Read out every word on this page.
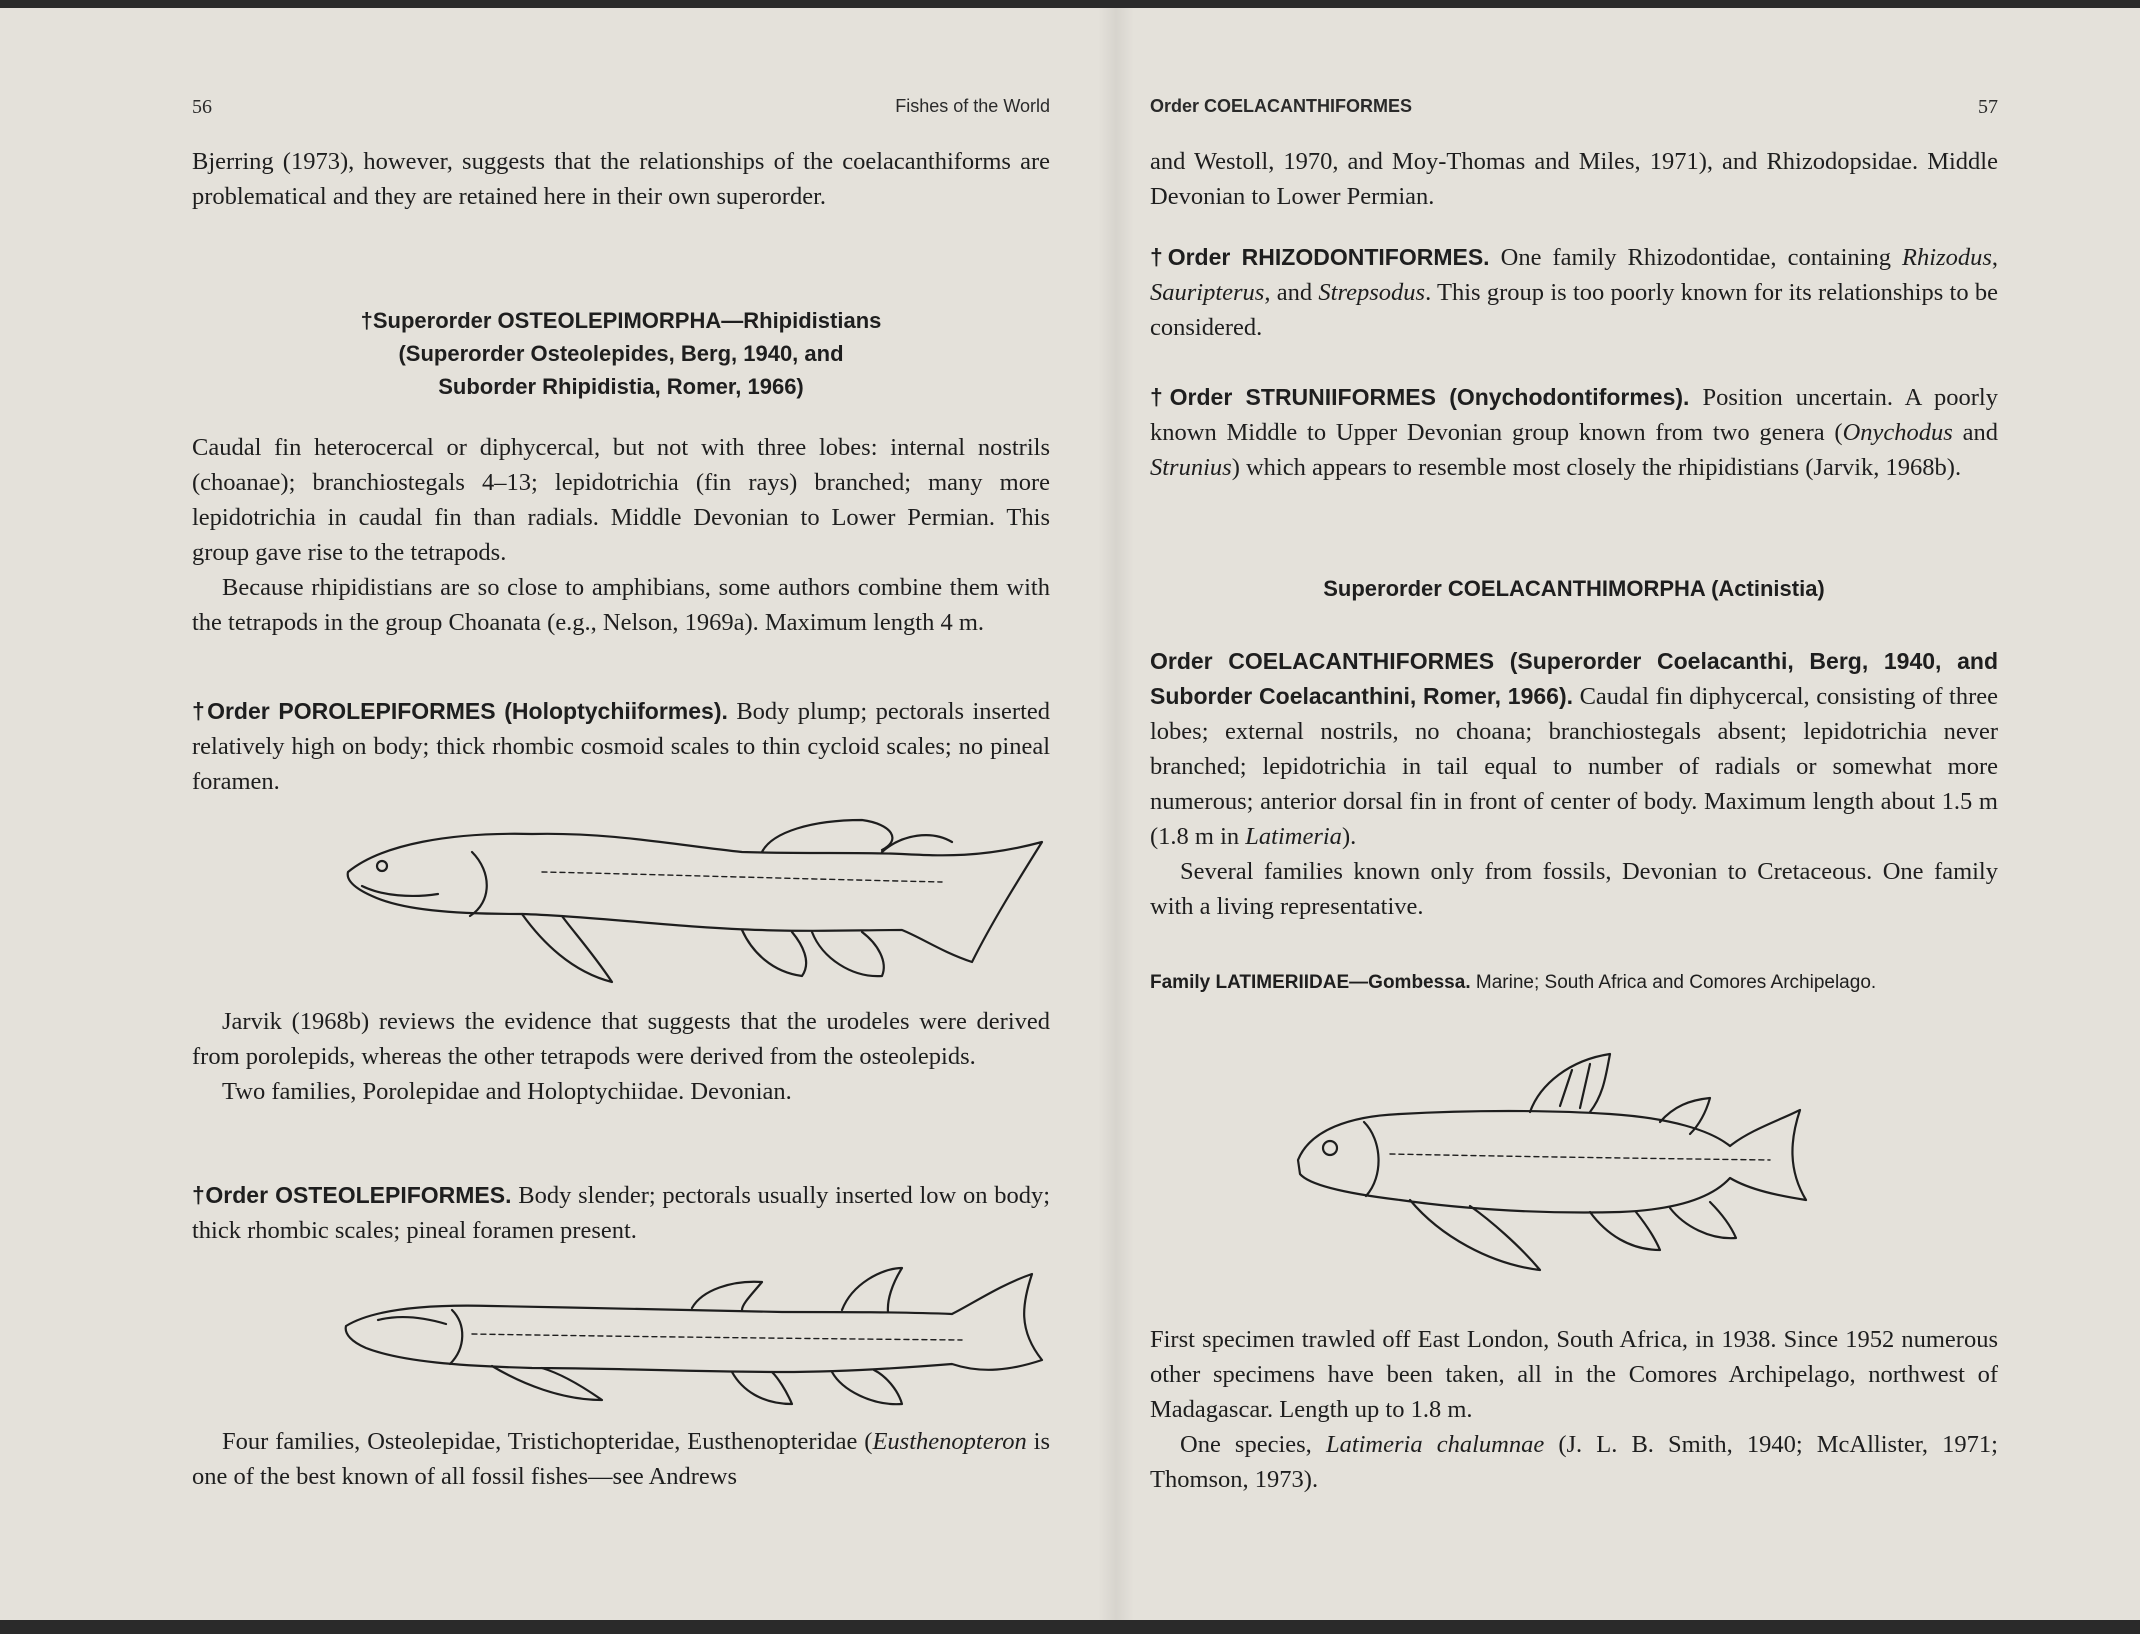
56	Fishes of the World

Bjerring (1973), however, suggests that the relationships of the coelacanthiforms are problematical and they are retained here in their own superorder.

†Superorder OSTEOLEPIMORPHA—Rhipidistians

(Superorder Osteolepides, Berg, 1940, and

Suborder Rhipidistia, Romer, 1966)

Caudal fin heterocercal or diphycercal, but not with three lobes: internal nostrils (choanae); branchiostegals 4–13; lepidotrichia (fin rays) branched; many more lepidotrichia in caudal fin than radials. Middle Devonian to Lower Permian. This group gave rise to the tetrapods.

Because rhipidistians are so close to amphibians, some authors combine them with the tetrapods in the group Choanata (e.g., Nelson, 1969a). Maximum length 4 m.

†Order POROLEPIFORMES (Holoptychiiformes). Body plump; pectorals inserted relatively high on body; thick rhombic cosmoid scales to thin cycloid scales; no pineal foramen.

Jarvik (1968b) reviews the evidence that suggests that the urodeles were derived from porolepids, whereas the other tetrapods were derived from the osteolepids.

Two families, Porolepidae and Holoptychiidae. Devonian.

†Order OSTEOLEPIFORMES. Body slender; pectorals usually inserted low on body; thick rhombic scales; pineal foramen present.

Four families, Osteolepidae, Tristichopteridae, Eusthenopteridae (Eusthenopteron is one of the best known of all fossil fishes—see Andrews

Order COELACANTHIFORMES	57

and Westoll, 1970, and Moy-Thomas and Miles, 1971), and Rhizodopsidae. Middle Devonian to Lower Permian.

†Order RHIZODONTIFORMES. One family Rhizodontidae, containing Rhizodus, Sauripterus, and Strepsodus. This group is too poorly known for its relationships to be considered.

†Order STRUNIIFORMES (Onychodontiformes). Position uncertain. A poorly known Middle to Upper Devonian group known from two genera (Onychodus and Strunius) which appears to resemble most closely the rhipidistians (Jarvik, 1968b).

Superorder COELACANTHIMORPHA (Actinistia)

Order COELACANTHIFORMES (Superorder Coelacanthi, Berg, 1940, and Suborder Coelacanthini, Romer, 1966). Caudal fin diphycercal, consisting of three lobes; external nostrils, no choana; branchiostegals absent; lepidotrichia never branched; lepidotrichia in tail equal to number of radials or somewhat more numerous; anterior dorsal fin in front of center of body. Maximum length about 1.5 m (1.8 m in Latimeria).

Several families known only from fossils, Devonian to Cretaceous. One family with a living representative.

Family LATIMERIIDAE—Gombessa. Marine; South Africa and Comores Archipelago.

First specimen trawled off East London, South Africa, in 1938. Since 1952 numerous other specimens have been taken, all in the Comores Archipelago, northwest of Madagascar. Length up to 1.8 m.

One species, Latimeria chalumnae (J. L. B. Smith, 1940; McAllister, 1971; Thomson, 1973).
